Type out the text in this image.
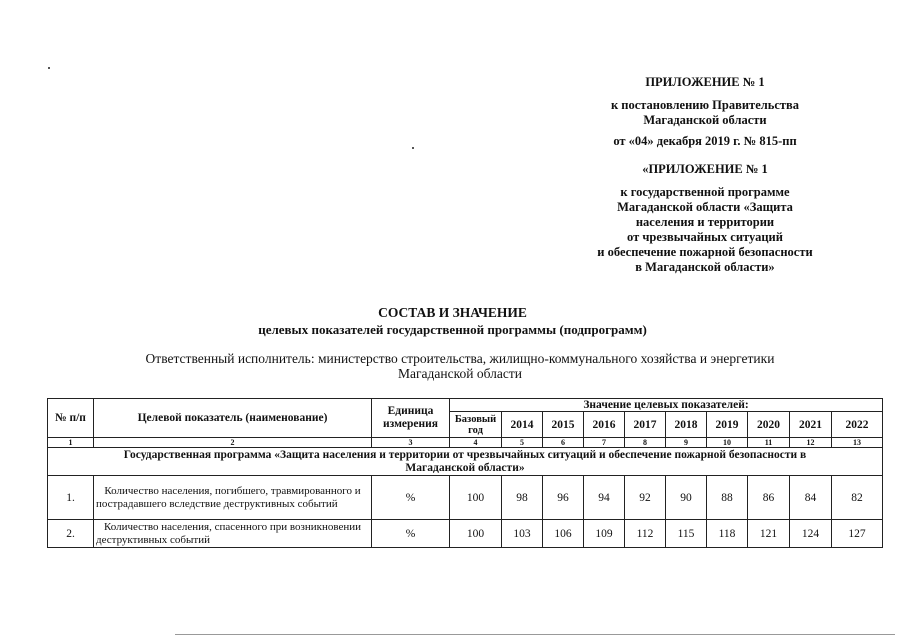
ПРИЛОЖЕНИЕ № 1
к постановлению Правительства
Магаданской области
от «04» декабря 2019 г. № 815-пп
«ПРИЛОЖЕНИЕ № 1
к государственной программе
Магаданской области «Защита
населения и территории
от чрезвычайных ситуаций
и обеспечение пожарной безопасности
в Магаданской области»
СОСТАВ И ЗНАЧЕНИЕ
целевых показателей государственной программы (подпрограмм)
Ответственный исполнитель: министерство строительства, жилищно-коммунального хозяйства и энергетики
Магаданской области
№ п/п	Целевой показатель (наименование)	Единица измерения	Значение целевых показателей:									
			Базовый год	2014	2015	2016	2017	2018	2019	2020	2021	2022
1	2	3	4	5	6	7	8	9	10	11	12	13
Государственная программа «Защита населения и территории от чрезвычайных ситуаций и обеспечение пожарной безопасности в Магаданской области»												
1.	Количество населения, погибшего, травмированного и пострадавшего вследствие деструктивных событий	%	100	98	96	94	92	90	88	86	84	82
2.	Количество населения, спасенного при возникновении деструктивных событий	%	100	103	106	109	112	115	118	121	124	127
